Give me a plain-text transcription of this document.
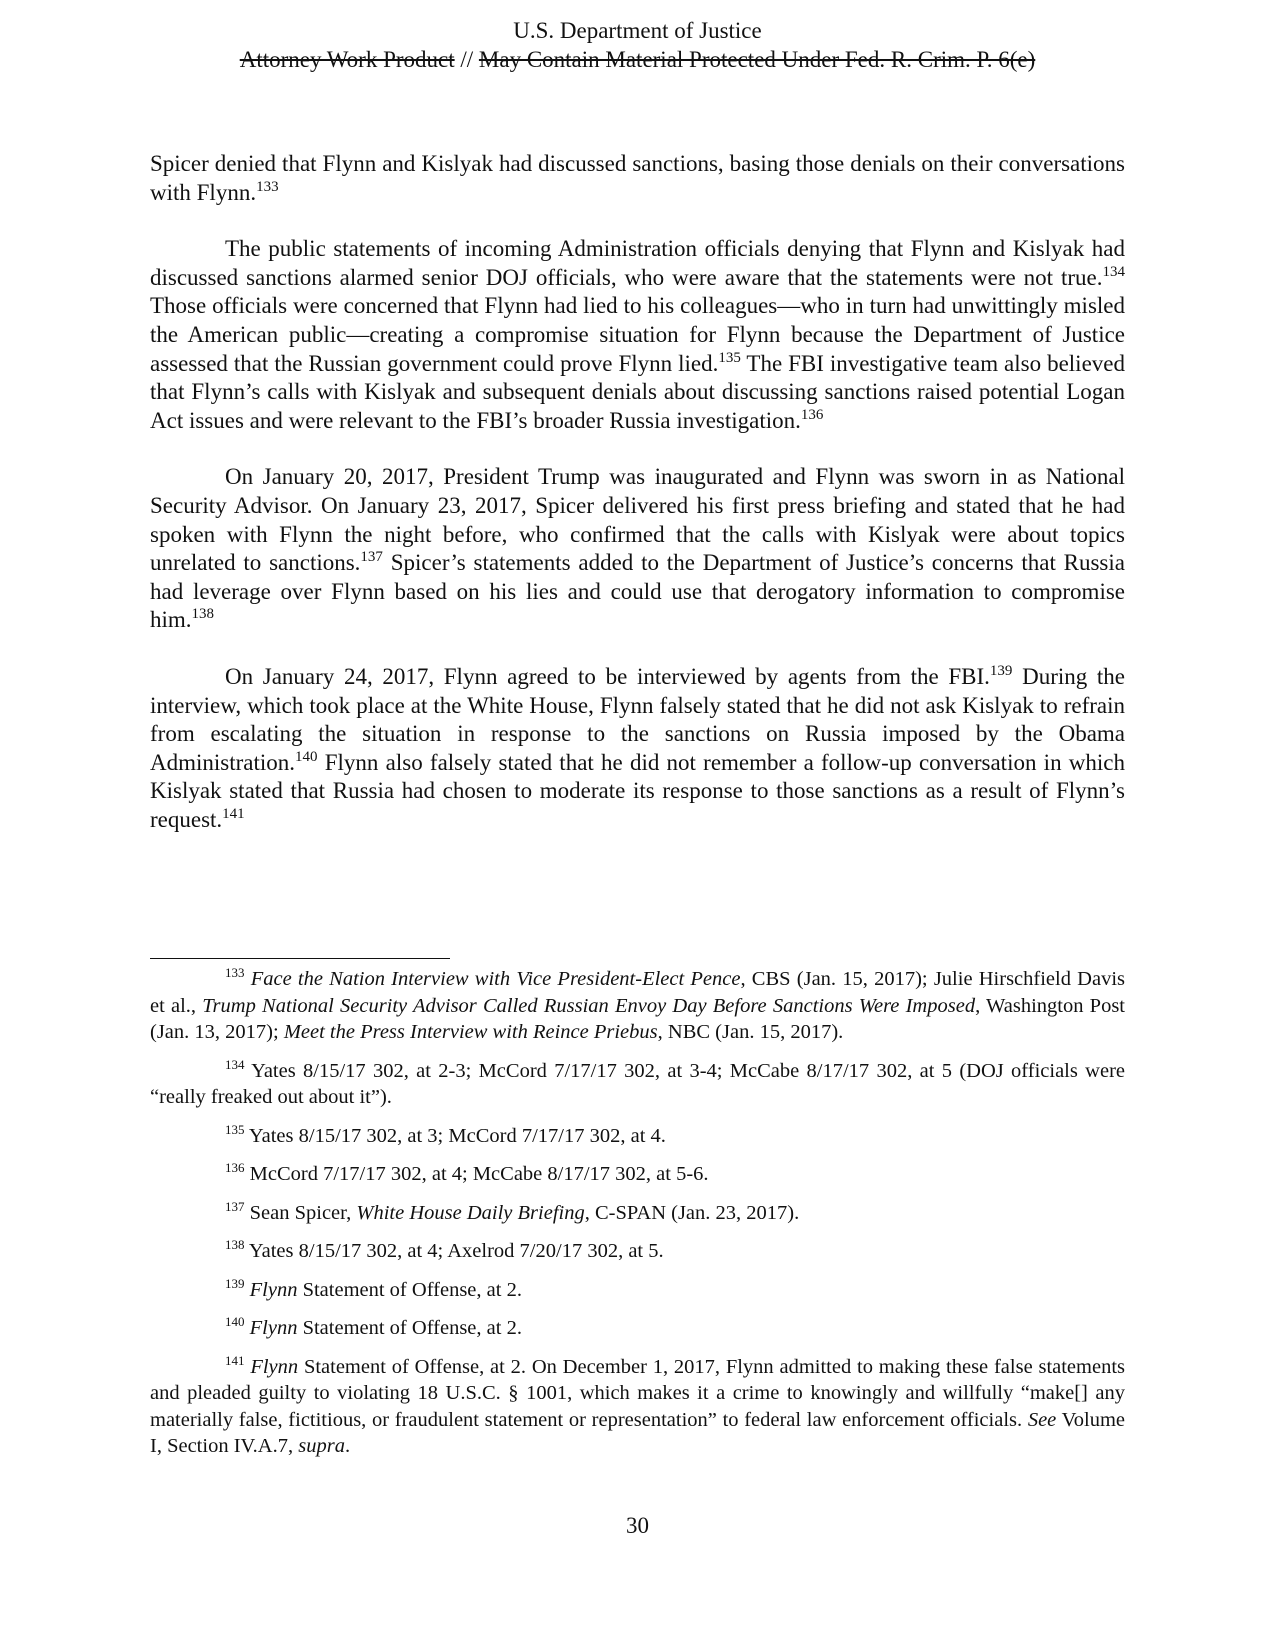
U.S. Department of Justice
Attorney Work Product // May Contain Material Protected Under Fed. R. Crim. P. 6(e)

Spicer denied that Flynn and Kislyak had discussed sanctions, basing those denials on their conversations with Flynn.$^{133}$

The public statements of incoming Administration officials denying that Flynn and Kislyak had discussed sanctions alarmed senior DOJ officials, who were aware that the statements were not true.$^{134}$ Those officials were concerned that Flynn had lied to his colleagues—who in turn had unwittingly misled the American public—creating a compromise situation for Flynn because the Department of Justice assessed that the Russian government could prove Flynn lied.$^{135}$ The FBI investigative team also believed that Flynn’s calls with Kislyak and subsequent denials about discussing sanctions raised potential Logan Act issues and were relevant to the FBI’s broader Russia investigation.$^{136}$

On January 20, 2017, President Trump was inaugurated and Flynn was sworn in as National Security Advisor. On January 23, 2017, Spicer delivered his first press briefing and stated that he had spoken with Flynn the night before, who confirmed that the calls with Kislyak were about topics unrelated to sanctions.$^{137}$ Spicer’s statements added to the Department of Justice’s concerns that Russia had leverage over Flynn based on his lies and could use that derogatory information to compromise him.$^{138}$

On January 24, 2017, Flynn agreed to be interviewed by agents from the FBI.$^{139}$ During the interview, which took place at the White House, Flynn falsely stated that he did not ask Kislyak to refrain from escalating the situation in response to the sanctions on Russia imposed by the Obama Administration.$^{140}$ Flynn also falsely stated that he did not remember a follow-up conversation in which Kislyak stated that Russia had chosen to moderate its response to those sanctions as a result of Flynn’s request.$^{141}$

$^{133}$ Face the Nation Interview with Vice President-Elect Pence, CBS (Jan. 15, 2017); Julie Hirschfield Davis et al., Trump National Security Advisor Called Russian Envoy Day Before Sanctions Were Imposed, Washington Post (Jan. 13, 2017); Meet the Press Interview with Reince Priebus, NBC (Jan. 15, 2017).

$^{134}$ Yates 8/15/17 302, at 2-3; McCord 7/17/17 302, at 3-4; McCabe 8/17/17 302, at 5 (DOJ officials were “really freaked out about it”).

$^{135}$ Yates 8/15/17 302, at 3; McCord 7/17/17 302, at 4.

$^{136}$ McCord 7/17/17 302, at 4; McCabe 8/17/17 302, at 5-6.

$^{137}$ Sean Spicer, White House Daily Briefing, C-SPAN (Jan. 23, 2017).

$^{138}$ Yates 8/15/17 302, at 4; Axelrod 7/20/17 302, at 5.

$^{139}$ Flynn Statement of Offense, at 2.

$^{140}$ Flynn Statement of Offense, at 2.

$^{141}$ Flynn Statement of Offense, at 2. On December 1, 2017, Flynn admitted to making these false statements and pleaded guilty to violating 18 U.S.C. § 1001, which makes it a crime to knowingly and willfully “make[] any materially false, fictitious, or fraudulent statement or representation” to federal law enforcement officials. See Volume I, Section IV.A.7, supra.

30
